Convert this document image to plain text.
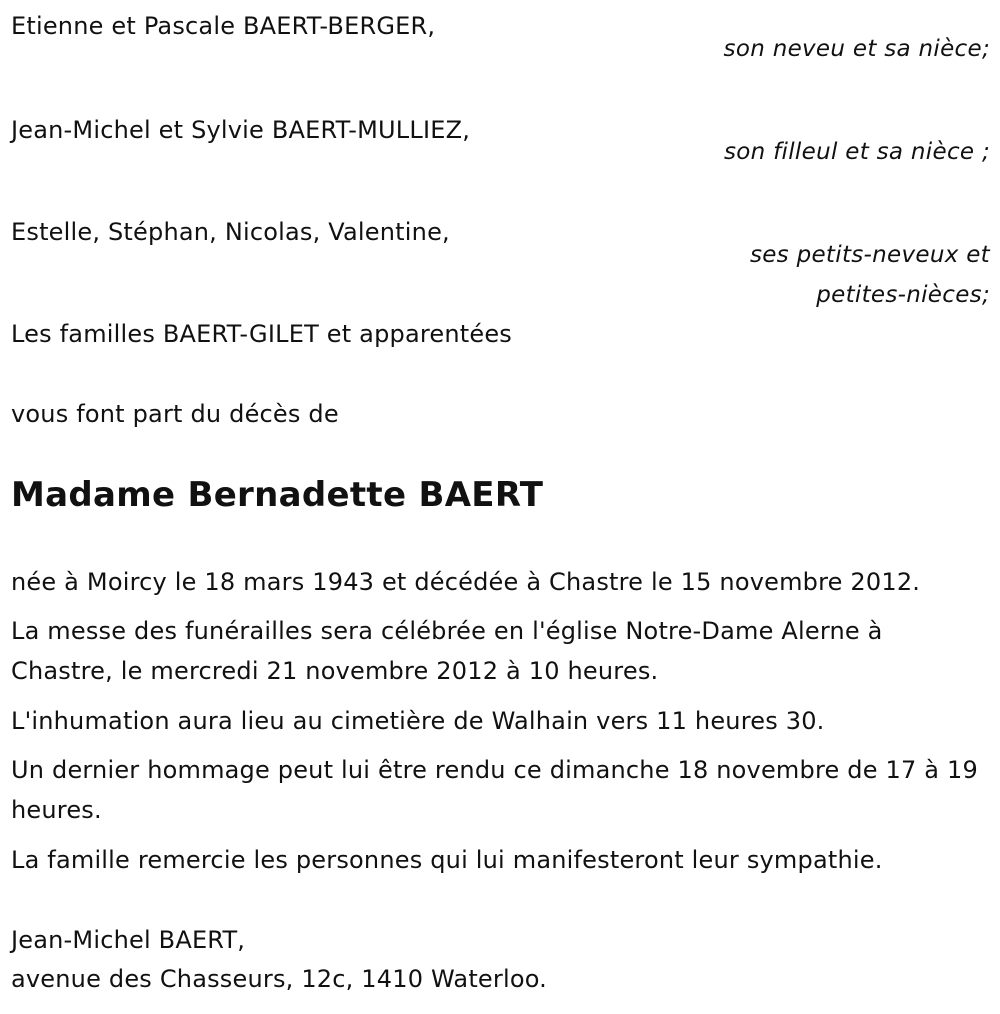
Etienne et Pascale BAERT-BERGER,
son neveu et sa nièce;
Jean-Michel et Sylvie BAERT-MULLIEZ,
son filleul et sa nièce ;
Estelle, Stéphan, Nicolas, Valentine,
ses petits-neveux et petites-nièces;
Les familles BAERT-GILET et apparentées
vous font part du décès de
Madame Bernadette BAERT
née à Moircy le 18 mars 1943 et décédée à Chastre le 15 novembre 2012.
La messe des funérailles sera célébrée en l'église Notre-Dame Alerne à Chastre, le mercredi 21 novembre 2012 à 10 heures.
L'inhumation aura lieu au cimetière de Walhain vers 11 heures 30.
Un dernier hommage peut lui être rendu ce dimanche 18 novembre de 17 à 19 heures.
La famille remercie les personnes qui lui manifesteront leur sympathie.
Jean-Michel BAERT,
avenue des Chasseurs, 12c, 1410 Waterloo.
